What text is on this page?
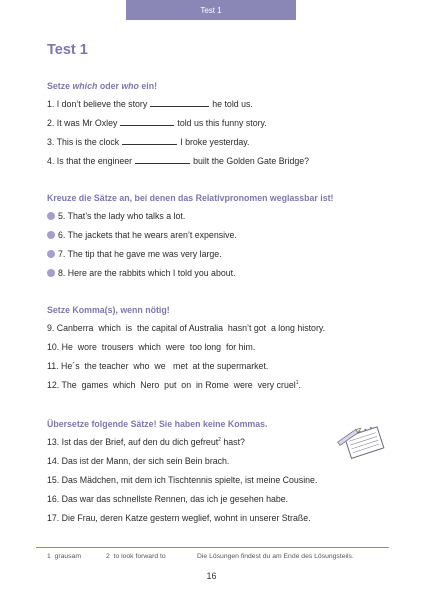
Test 1
Test 1
Setze which oder who ein!
1. I don’t believe the story	he told us.
2. It was Mr Oxley	told us this funny story.
3. This is the clock	I broke yesterday.
4. Is that the engineer	built the Golden Gate Bridge?
Kreuze die Sätze an, bei denen das Relativpronomen weglassbar ist!
5. That’s the lady who talks a lot.
6. The jackets that he wears aren’t expensive.
7. The tip that he gave me was very large.
8. Here are the rabbits which I told you about.
Setze Komma(s), wenn nötig!
9. Canberra  which  is  the capital of Australia  hasn’t got  a long history.
10. He  wore  trousers  which  were  too long  for him.
11. He´s  the teacher  who  we   met  at the supermarket.
12. The  games  which  Nero  put  on  in Rome  were  very cruel$^1$.
Übersetze folgende Sätze! Sie haben keine Kommas.
13. Ist das der Brief, auf den du dich gefreut$^2$ hast?
14. Das ist der Mann, der sich sein Bein brach.
15. Das Mädchen, mit dem ich Tischtennis spielte, ist meine Cousine.
16. Das war das schnellste Rennen, das ich je gesehen habe.
17. Die Frau, deren Katze gestern weglief, wohnt in unserer Straße.
1  grausam	2  to look forward to	Die Lösungen findest du am Ende des Lösungsteils.
16
